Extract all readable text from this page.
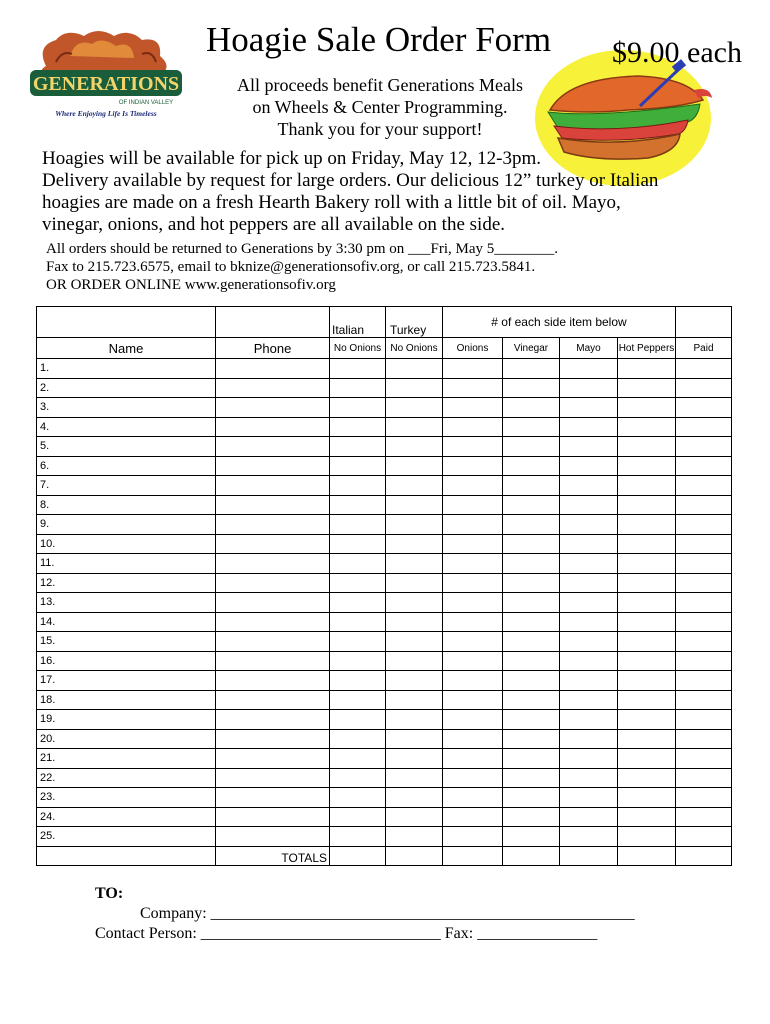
Hoagie Sale Order Form $9.00 each
GENERATIONS
OF INDIAN VALLEY
Where Enjoying Life Is Timeless
All proceeds benefit Generations Meals
on Wheels & Center Programming.
Thank you for your support!
Hoagies will be available for pick up on Friday, May 12, 12-3pm.
Delivery available by request for large orders. Our delicious 12” turkey or Italian
hoagies are made on a fresh Hearth Bakery roll with a little bit of oil. Mayo,
vinegar, onions, and hot peppers are all available on the side.
All orders should be returned to Generations by 3:30 pm on ___Fri, May 5________.
Fax to 215.723.6575, email to bknize@generationsofiv.org, or call 215.723.5841.
OR ORDER ONLINE www.generationsofiv.org
		Italian	Turkey	# of each side item below				
Name	Phone	No Onions	No Onions	Onions	Vinegar	Mayo	Hot Peppers	Paid
1.								
2.								
3.								
4.								
5.								
6.								
7.								
8.								
9.								
10.								
11.								
12.								
13.								
14.								
15.								
16.								
17.								
18.								
19.								
20.								
21.								
22.								
23.								
24.								
25.								
	TOTALS							
TO:
Company: _____________________________________________________
Contact Person: ______________________________ Fax: _______________
